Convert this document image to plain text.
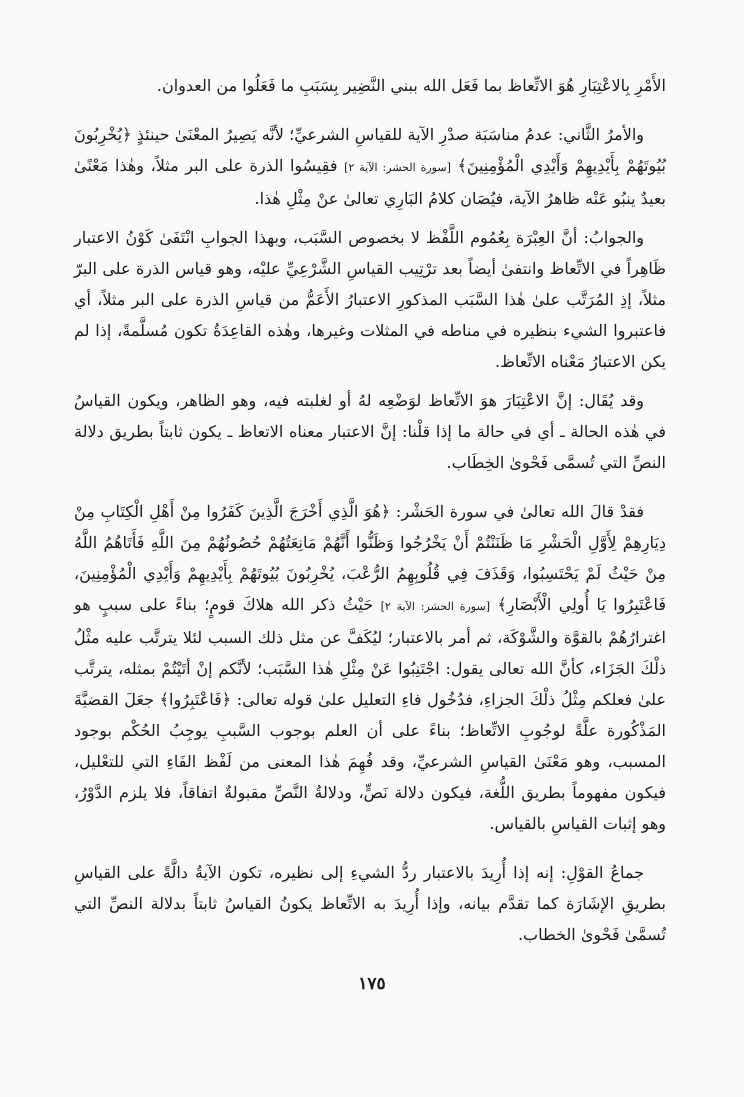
الأَمْرِ بِالاعْتِبَارِ هُوَ الاتِّعاظ بما فَعَل الله ببني النَّضِير بِسَبَبِ ما فَعَلُوا من العدوان.

والأمرُ الثَّاني: عدمُ مناسَبَة صدْرِ الآية للقياسِ الشرعيِّ؛ لأنَّه يَصِيرُ المعْنَىٰ حينئذٍ ﴿يُخْرِبُونَ بُيُوتَهُمْ بِأَيْدِيهِمْ وَأَيْدِي الْمُؤْمِنِينَ﴾ [سورة الحشر: الآية ٢] فقِيسُوا الذرة على البر مثلاً، وهٰذا مَعْنًىٰ بعيدٌ ينبُو عَنْه ظاهرُ الآية، فيُصَان كلامُ البَارِي تعالىٰ عنْ مِثْلِ هٰذا.

والجوابُ: أنَّ العِبْرَة بِعُمُوم اللَّفْظ لا بخصوص السَّبَب، وبهذا الجوابِ انْتَفَىٰ كَوْنُ الاعتبار ظَاهِراً في الاتِّعاظ وانتفىٰ أيضاً بعد ترْتِيب القياسِ الشَّرْعِيِّ عليْه، وهو قياس الذرة على البرّ مثلاً، إذِ المُرَتَّب علىٰ هٰذا السَّبَب المذكورِ الاعتبارُ الأَعَمُّ من قياسِ الذرة على البر مثلاً، أي فاعتبروا الشيء بنظيره في مناطه في المثلات وغيرها، وهٰذه القاعِدَةُ تكون مُسلَّمةً، إذا لم يكن الاعتبارُ مَعْناه الاتِّعاظ.

وقد يُقَال: إنَّ الاعْتِبَارَ هوَ الاتِّعاظ لوَضْعِه لهُ أو لغلبته فيه، وهو الظاهر، ويكون القياسُ في هٰذه الحالة ـ أي في حالة ما إذا قلْنا: إنَّ الاعتبار معناه الاتعاظ ـ يكون ثابتاً بطريق دلالة النصِّ التي تُسمَّى فَحْوىٰ الخِطَاب.

فقدْ قالَ الله تعالىٰ في سورة الحَشْر: ﴿هُوَ الَّذِي أَخْرَجَ الَّذِينَ كَفَرُوا مِنْ أَهْلِ الْكِتَابِ مِنْ دِيَارِهِمْ لِأَوَّلِ الْحَشْرِ مَا ظَنَنْتُمْ أَنْ يَخْرُجُوا وَظَنُّوا أَنَّهُمْ مَانِعَتُهُمْ حُصُونُهُمْ مِنَ اللَّهِ فَأَتَاهُمُ اللَّهُ مِنْ حَيْثُ لَمْ يَحْتَسِبُوا، وَقَذَفَ فِي قُلُوبِهِمُ الرُّعْبَ، يُخْرِبُونَ بُيُوتَهُمْ بِأَيْدِيهِمْ وَأَيْدِي الْمُؤْمِنِينَ، فَاعْتَبِرُوا يَا أُولِي الْأَبْصَارِ﴾ [سورة الحشر: الآية ٢] حَيْثُ ذكر الله هلاكَ قومٍ؛ بناءً على سببٍ هو اغترارُهُمْ بالقوَّة والشَّوْكَة، ثم أمر بالاعتبار؛ ليُكَفَّ عن مثل ذلك السبب لئلا يترتَّب عليه مثْلُ ذلْكَ الجَزَاء، كأنَّ الله تعالى يقول: اجْتَنِبُوا عَنْ مِثْلِ هٰذا السَّبَب؛ لأنَّكم إنْ أتَيْتُمْ بمثله، يترتَّب علىٰ فعلكم مِثْلُ ذلْكَ الجزاءِ، فدُخُول فاءِ التعليل علىٰ قوله تعالى: ﴿فَاعْتَبِرُوا﴾ جعَلَ القضيَّةَ المَذْكُورة علَّةً لوجُوبِ الاتِّعاظ؛ بناءً على أن العلم بوجوب السَّببِ يوجِبُ الحُكْم بوجود المسبب، وهو مَعْنَىٰ القياسِ الشرعيِّ، وقد فُهِمَ هٰذا المعنى من لَفْظ الفَاءِ التي للتعْليل، فيكون مفهوماً بطريق اللُّغة، فيكون دلالة نَصٍّ، ودلالةُ النَّصِّ مقبولةٌ اتفاقاً، فلا يلزم الدَّوْرُ، وهو إثبات القياسِ بالقياس.

جماعُ القوْلِ: إنه إذا أُرِيدَ بالاعتبار ردُّ الشيءِ إلى نظيره، تكون الآيةُ دالَّةً على القياسِ بطريقِ الإشَارَة كما تقدَّم بيانه، وإذا أُرِيدَ به الاتِّعاظ يكونُ القياسُ ثابتاً بدلالة النصِّ التي تُسمَّىٰ فَحْوىٰ الخطاب.

١٧٥
